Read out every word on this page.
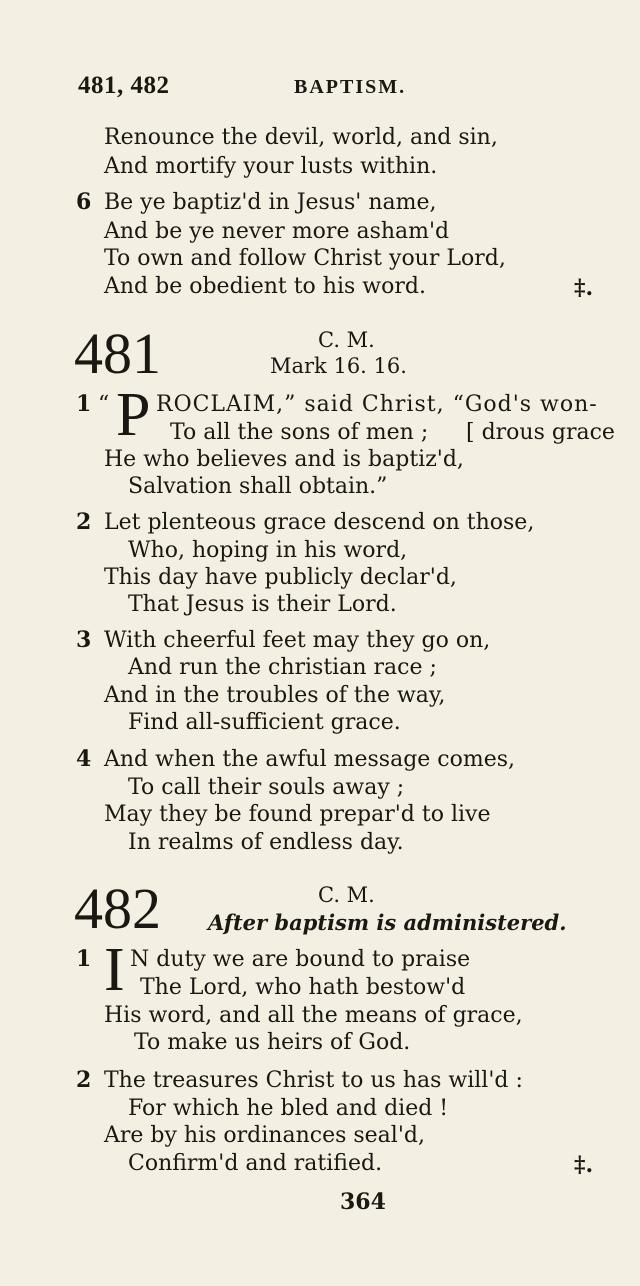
481, 482	BAPTISM.
Renounce the devil, world, and sin,
And mortify your lusts within.
6 Be ye baptiz'd in Jesus' name,
And be ye never more asham'd
To own and follow Christ your Lord,
And be obedient to his word.	‡.
481	C. M.
Mark 16. 16.
1 “ P ROCLAIM,” said Christ, “God's won-
To all the sons of men ; [ drous grace
He who believes and is baptiz'd,
Salvation shall obtain.”
2 Let plenteous grace descend on those,
Who, hoping in his word,
This day have publicly declar'd,
That Jesus is their Lord.
3 With cheerful feet may they go on,
And run the christian race ;
And in the troubles of the way,
Find all-sufficient grace.
4 And when the awful message comes,
To call their souls away ;
May they be found prepar'd to live
In realms of endless day.
482	C. M.
After baptism is administered.
1 I N duty we are bound to praise
The Lord, who hath bestow'd
His word, and all the means of grace,
To make us heirs of God.
2 The treasures Christ to us has will'd :
For which he bled and died !
Are by his ordinances seal'd,
Confirm'd and ratified.	‡.
364
